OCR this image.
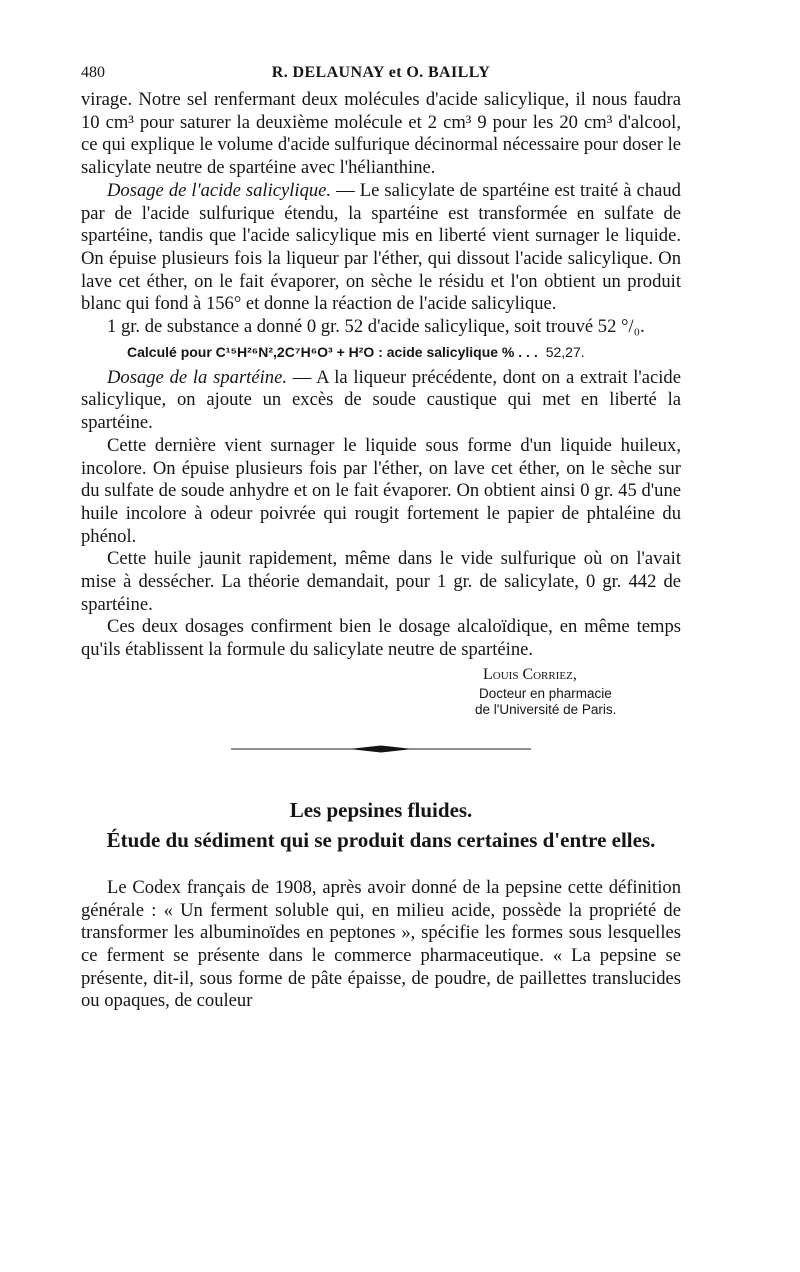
480	R. DELAUNAY et O. BAILLY

virage. Notre sel renfermant deux molécules d'acide salicylique, il nous faudra 10 cm³ pour saturer la deuxième molécule et 2 cm³ 9 pour les 20 cm³ d'alcool, ce qui explique le volume d'acide sulfurique décinormal nécessaire pour doser le salicylate neutre de spartéine avec l'hélianthine.

Dosage de l'acide salicylique. — Le salicylate de spartéine est traité à chaud par de l'acide sulfurique étendu, la spartéine est transformée en sulfate de spartéine, tandis que l'acide salicylique mis en liberté vient surnager le liquide. On épuise plusieurs fois la liqueur par l'éther, qui dissout l'acide salicylique. On lave cet éther, on le fait évaporer, on sèche le résidu et l'on obtient un produit blanc qui fond à 156° et donne la réaction de l'acide salicylique.

1 gr. de substance a donné 0 gr. 52 d'acide salicylique, soit trouvé 52 °/₀.

Calculé pour C¹⁵H²⁶N²,2C⁷H⁶O³ + H²O : acide salicylique % . . . 52,27.

Dosage de la spartéine. — A la liqueur précédente, dont on a extrait l'acide salicylique, on ajoute un excès de soude caustique qui met en liberté la spartéine.

Cette dernière vient surnager le liquide sous forme d'un liquide huileux, incolore. On épuise plusieurs fois par l'éther, on lave cet éther, on le sèche sur du sulfate de soude anhydre et on le fait évaporer. On obtient ainsi 0 gr. 45 d'une huile incolore à odeur poivrée qui rougit fortement le papier de phtaléine du phénol.

Cette huile jaunit rapidement, même dans le vide sulfurique où on l'avait mise à dessécher. La théorie demandait, pour 1 gr. de salicylate, 0 gr. 442 de spartéine.

Ces deux dosages confirment bien le dosage alcaloïdique, en même temps qu'ils établissent la formule du salicylate neutre de spartéine.

Louis Corriez,
Docteur en pharmacie
de l'Université de Paris.
Les pepsines fluides.
Étude du sédiment qui se produit dans certaines d'entre elles.

Le Codex français de 1908, après avoir donné de la pepsine cette définition générale : « Un ferment soluble qui, en milieu acide, possède la propriété de transformer les albuminoïdes en peptones », spécifie les formes sous lesquelles ce ferment se présente dans le commerce pharmaceutique. « La pepsine se présente, dit-il, sous forme de pâte épaisse, de poudre, de paillettes translucides ou opaques, de couleur
